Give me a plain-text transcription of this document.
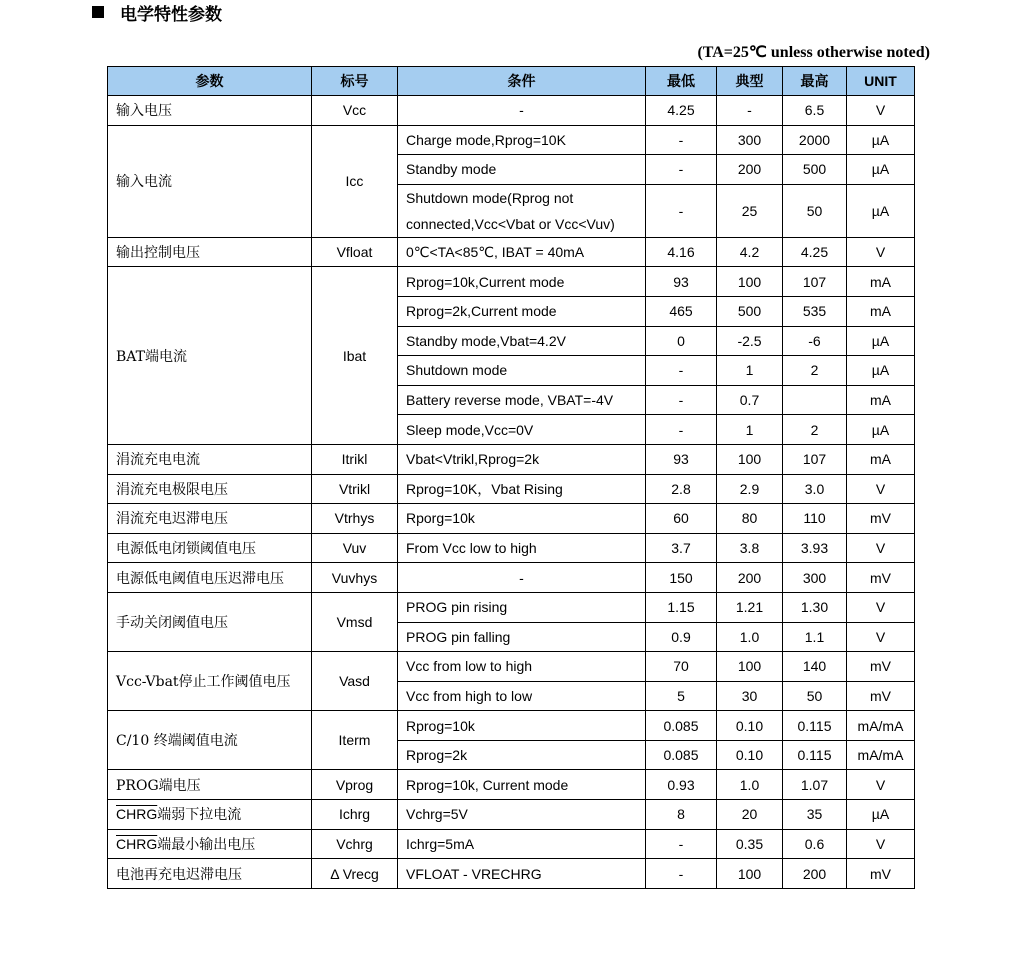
电学特性参数
(TA=25℃ unless otherwise noted)
参数	标号	条件	最低	典型	最高	UNIT
输入电压	Vcc	-	4.25	-	6.5	V
输入电流	Icc	Charge mode,Rprog=10K	-	300	2000	µA
		Standby mode	-	200	500	µA

		Shutdown mode(Rprog not connected,Vcc<Vbat or Vcc<Vuv)	-	25	50	µA
输出控制电压	Vfloat	0℃<TA<85℃, IBAT = 40mA	4.16	4.2	4.25	V
BAT端电流	Ibat	Rprog=10k,Current mode	93	100	107	mA
		Rprog=2k,Current mode	465	500	535	mA
		Standby mode,Vbat=4.2V	0	-2.5	-6	µA
		Shutdown mode	-	1	2	µA
		Battery reverse mode, VBAT=-4V	-	0.7		mA
		Sleep mode,Vcc=0V	-	1	2	µA
涓流充电电流	Itrikl	Vbat<Vtrikl,Rprog=2k	93	100	107	mA
涓流充电极限电压	Vtrikl	Rprog=10K，Vbat Rising	2.8	2.9	3.0	V
涓流充电迟滞电压	Vtrhys	Rporg=10k	60	80	110	mV
电源低电闭锁阈值电压	Vuv	From Vcc low to high	3.7	3.8	3.93	V
电源低电阈值电压迟滞电压	Vuvhys	-	150	200	300	mV
手动关闭阈值电压	Vmsd	PROG pin rising	1.15	1.21	1.30	V
		PROG pin falling	0.9	1.0	1.1	V
Vcc-Vbat停止工作阈值电压	Vasd	Vcc from low to high	70	100	140	mV
		Vcc from high to low	5	30	50	mV
C/10 终端阈值电流	Iterm	Rprog=10k	0.085	0.10	0.115	mA/mA
		Rprog=2k	0.085	0.10	0.115	mA/mA
PROG端电压	Vprog	Rprog=10k, Current mode	0.93	1.0	1.07	V
CHRG端弱下拉电流	Ichrg	Vchrg=5V	8	20	35	µA
CHRG端最小输出电压	Vchrg	Ichrg=5mA	-	0.35	0.6	V
电池再充电迟滞电压	Δ Vrecg	VFLOAT - VRECHRG	-	100	200	mV
